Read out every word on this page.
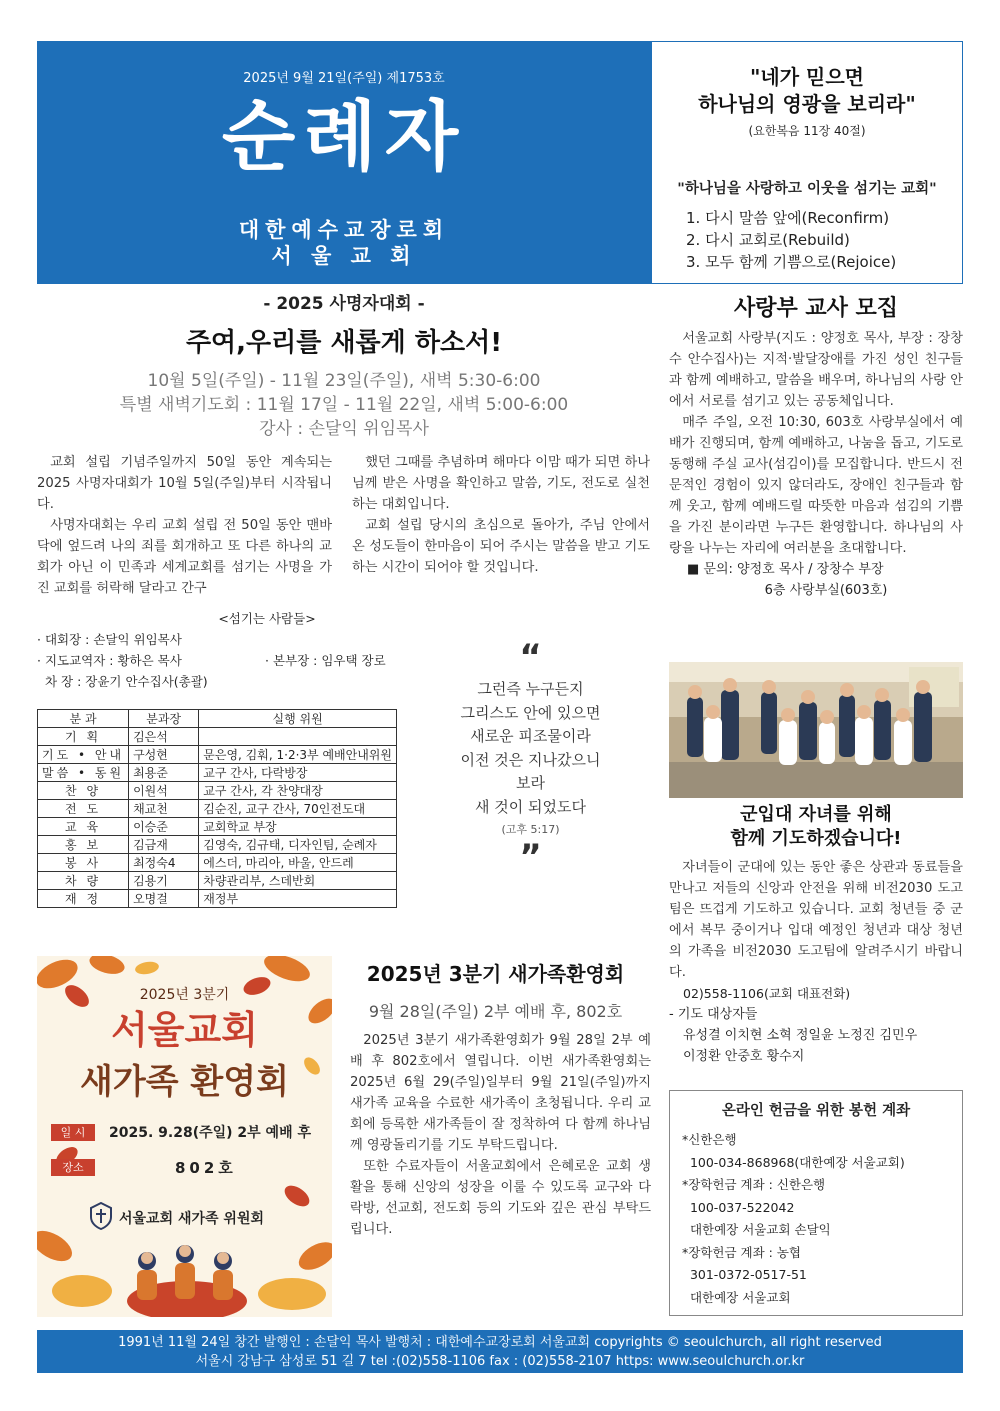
2025년 9월 21일(주일) 제1753호
순례자
대한예수교장로회
서 울 교 회
"네가 믿으면
하나님의 영광을 보리라"
(요한복음 11장 40절)
"하나님을 사랑하고 이웃을 섬기는 교회"
1. 다시 말씀 앞에(Reconfirm)
2. 다시 교회로(Rebuild)
3. 모두 함께 기쁨으로(Rejoice)
- 2025 사명자대회 -
주여,우리를 새롭게 하소서!
10월 5일(주일) - 11월 23일(주일), 새벽 5:30-6:00
특별 새벽기도회 : 11월 17일 - 11월 22일, 새벽 5:00-6:00
강사 : 손달익 위임목사

교회 설립 기념주일까지 50일 동안 계속되는 2025 사명자대회가 10월 5일(주일)부터 시작됩니다.

사명자대회는 우리 교회 설립 전 50일 동안 맨바닥에 엎드려 나의 죄를 회개하고 또 다른 하나의 교회가 아닌 이 민족과 세계교회를 섬기는 사명을 가진 교회를 허락해 달라고 간구

했던 그때를 추념하며 해마다 이맘 때가 되면 하나님께 받은 사명을 확인하고 말씀, 기도, 전도로 실천하는 대회입니다.

교회 설립 당시의 초심으로 돌아가, 주님 안에서 온 성도들이 한마음이 되어 주시는 말씀을 받고 기도하는 시간이 되어야 할 것입니다.

<섬기는 사람들>
· 대회장 : 손달익 위임목사
· 지도교역자 : 황하은 목사	· 본부장 : 임우택 장로
차 장 : 장윤기 안수집사(총괄)
분 과	분과장	실행 위원
기 획	김은석	
기도 • 안내	구성현	문은영, 김훠, 1·2·3부 예배안내위원
말씀 • 동원	최용준	교구 간사, 다락방장
찬 양	이원석	교구 간사, 각 찬양대장
전 도	채교천	김순진, 교구 간사, 70인전도대
교 육	이승준	교회학교 부장
홍 보	김금재	김영숙, 김규태, 디자인팀, 순례자
봉 사	최정숙4	에스더, 마리아, 바울, 안드레
차 량	김용기	차량관리부, 스데반회
재 정	오명걸	재정부
“
그런즉 누구든지
그리스도 안에 있으면
새로운 피조물이라
이전 것은 지나갔으니
보라
새 것이 되었도다
(고후 5:17)
”
사랑부 교사 모집

서울교회 사랑부(지도 : 양정호 목사, 부장 : 장창수 안수집사)는 지적·발달장애를 가진 성인 친구들과 함께 예배하고, 말씀을 배우며, 하나님의 사랑 안에서 서로를 섬기고 있는 공동체입니다.

매주 주일, 오전 10:30, 603호 사랑부실에서 예배가 진행되며, 함께 예배하고, 나눔을 돕고, 기도로 동행해 주실 교사(섬김이)를 모집합니다. 반드시 전문적인 경험이 있지 않더라도, 장애인 친구들과 함께 웃고, 함께 예배드릴 따뜻한 마음과 섬김의 기쁨을 가진 분이라면 누구든 환영합니다. 하나님의 사랑을 나누는 자리에 여러분을 초대합니다.

■ 문의: 양정호 목사 / 장창수 부장
6층 사랑부실(603호)
군입대 자녀를 위해
함께 기도하겠습니다!

자녀들이 군대에 있는 동안 좋은 상관과 동료들을 만나고 저들의 신앙과 안전을 위해 비전2030 도고팀은 뜨겁게 기도하고 있습니다. 교회 청년들 중 군에서 복무 중이거나 입대 예정인 청년과 대상 청년의 가족을 비전2030 도고팀에 알려주시기 바랍니다.

02)558-1106(교회 대표전화)
- 기도 대상자들
유성결 이치현 소혁 정일윤 노정진 김민우
이정환 안중호 황수지
온라인 헌금을 위한 봉헌 계좌
*신한은행
100-034-868968(대한예장 서울교회)
*장학헌금 계좌 : 신한은행
100-037-522042
대한예장 서울교회 손달익
*장학헌금 계좌 : 농협
301-0372-0517-51
대한예장 서울교회
2025년 3분기
서울교회
새가족 환영회
일 시	2025. 9.28(주일) 2부 예배 후
장소	802호
서울교회 새가족 위원회
2025년 3분기 새가족환영회
9월 28일(주일) 2부 예배 후, 802호

2025년 3분기 새가족환영회가 9월 28일 2부 예배 후 802호에서 열립니다. 이번 새가족환영회는 2025년 6월 29(주일)일부터 9월 21일(주일)까지 새가족 교육을 수료한 새가족이 초청됩니다. 우리 교회에 등록한 새가족들이 잘 정착하여 다 함께 하나님께 영광돌리기를 기도 부탁드립니다.

또한 수료자들이 서울교회에서 은혜로운 교회 생활을 통해 신앙의 성장을 이룰 수 있도록 교구와 다락방, 선교회, 전도회 등의 기도와 깊은 관심 부탁드립니다.

1991년 11월 24일 창간 발행인 : 손달익 목사 발행처 : 대한예수교장로회 서울교회 copyrights © seoulchurch, all right reserved
서울시 강남구 삼성로 51 길 7 tel :(02)558-1106 fax : (02)558-2107 https: www.seoulchurch.or.kr
